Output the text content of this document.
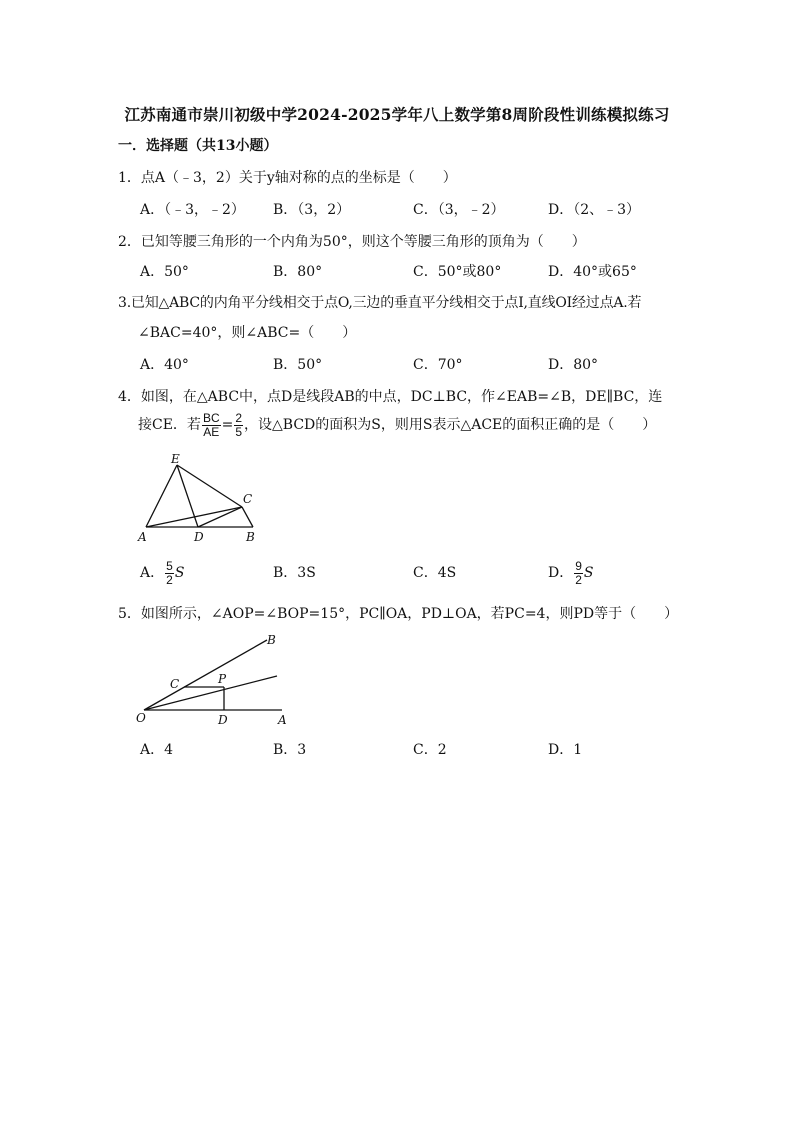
江苏南通市崇川初级中学2024-2025学年八上数学第8周阶段性训练模拟练习
一．选择题（共13小题）
1．点A（﹣3，2）关于y轴对称的点的坐标是（　　）
A．（﹣3，﹣2） B．（3，2）	C．（3，﹣2）	D．（2、﹣3）
2．已知等腰三角形的一个内角为50°，则这个等腰三角形的顶角为（　　）
A．50°	B．80°	C．50°或80°	D．40°或65°
3.已知△ABC的内角平分线相交于点O,三边的垂直平分线相交于点I,直线OI经过点A.若
∠BAC=40°，则∠ABC=（　　）
A．40°	B．50°	C．70°	D．80°
4．如图，在△ABC中，点D是线段AB的中点，DC⊥BC，作∠EAB=∠B，DE∥BC，连
接CE．若 $\frac{BC}{AE} = \frac{2}{5}$ ，设△BCD的面积为S，则用S表示△ACE的面积正确的是（　　）
E
C
A	D	B
A． $\frac{5}{2}$ S	B．3S	C．4S	D． $\frac{9}{2}$ S
5．如图所示，∠AOP=∠BOP=15°，PC∥OA，PD⊥OA，若PC=4，则PD等于（　　）
B
C	P
O	D	A
A．4	B．3	C．2	D．1
